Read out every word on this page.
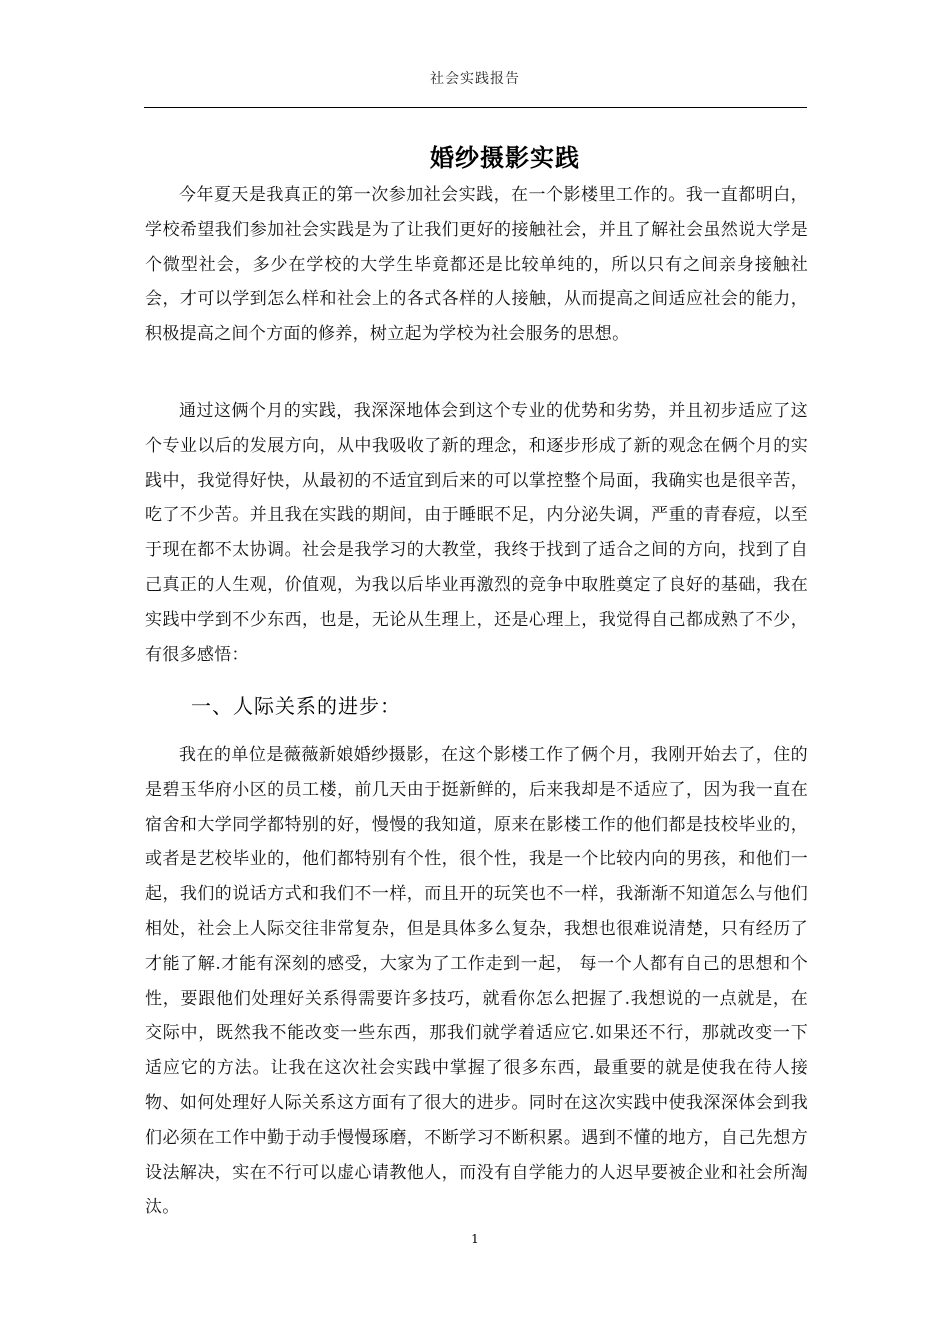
社会实践报告
婚纱摄影实践

今年夏天是我真正的第一次参加社会实践，在一个影楼里工作的。我一直都明白，学校希望我们参加社会实践是为了让我们更好的接触社会，并且了解社会虽然说大学是个微型社会，多少在学校的大学生毕竟都还是比较单纯的，所以只有之间亲身接触社会，才可以学到怎么样和社会上的各式各样的人接触，从而提高之间适应社会的能力，积极提高之间个方面的修养，树立起为学校为社会服务的思想。

通过这俩个月的实践，我深深地体会到这个专业的优势和劣势，并且初步适应了这个专业以后的发展方向，从中我吸收了新的理念，和逐步形成了新的观念在俩个月的实践中，我觉得好快，从最初的不适宜到后来的可以掌控整个局面，我确实也是很辛苦，吃了不少苦。并且我在实践的期间，由于睡眠不足，内分泌失调，严重的青春痘，以至于现在都不太协调。社会是我学习的大教堂，我终于找到了适合之间的方向，找到了自己真正的人生观，价值观，为我以后毕业再激烈的竞争中取胜奠定了良好的基础，我在实践中学到不少东西，也是，无论从生理上，还是心理上，我觉得自己都成熟了不少，有很多感悟：

一、人际关系的进步：

我在的单位是薇薇新娘婚纱摄影，在这个影楼工作了俩个月，我刚开始去了，住的是碧玉华府小区的员工楼，前几天由于挺新鲜的，后来我却是不适应了，因为我一直在宿舍和大学同学都特别的好，慢慢的我知道，原来在影楼工作的他们都是技校毕业的，或者是艺校毕业的，他们都特别有个性，很个性，我是一个比较内向的男孩，和他们一起，我们的说话方式和我们不一样，而且开的玩笑也不一样，我渐渐不知道怎么与他们相处，社会上人际交往非常复杂，但是具体多么复杂，我想也很难说清楚，只有经历了才能了解.才能有深刻的感受，大家为了工作走到一起， 每一个人都有自己的思想和个性，要跟他们处理好关系得需要许多技巧，就看你怎么把握了.我想说的一点就是，在交际中，既然我不能改变一些东西，那我们就学着适应它.如果还不行，那就改变一下适应它的方法。让我在这次社会实践中掌握了很多东西，最重要的就是使我在待人接物、如何处理好人际关系这方面有了很大的进步。同时在这次实践中使我深深体会到我们必须在工作中勤于动手慢慢琢磨，不断学习不断积累。遇到不懂的地方，自己先想方设法解决，实在不行可以虚心请教他人，而没有自学能力的人迟早要被企业和社会所淘汰。

1
